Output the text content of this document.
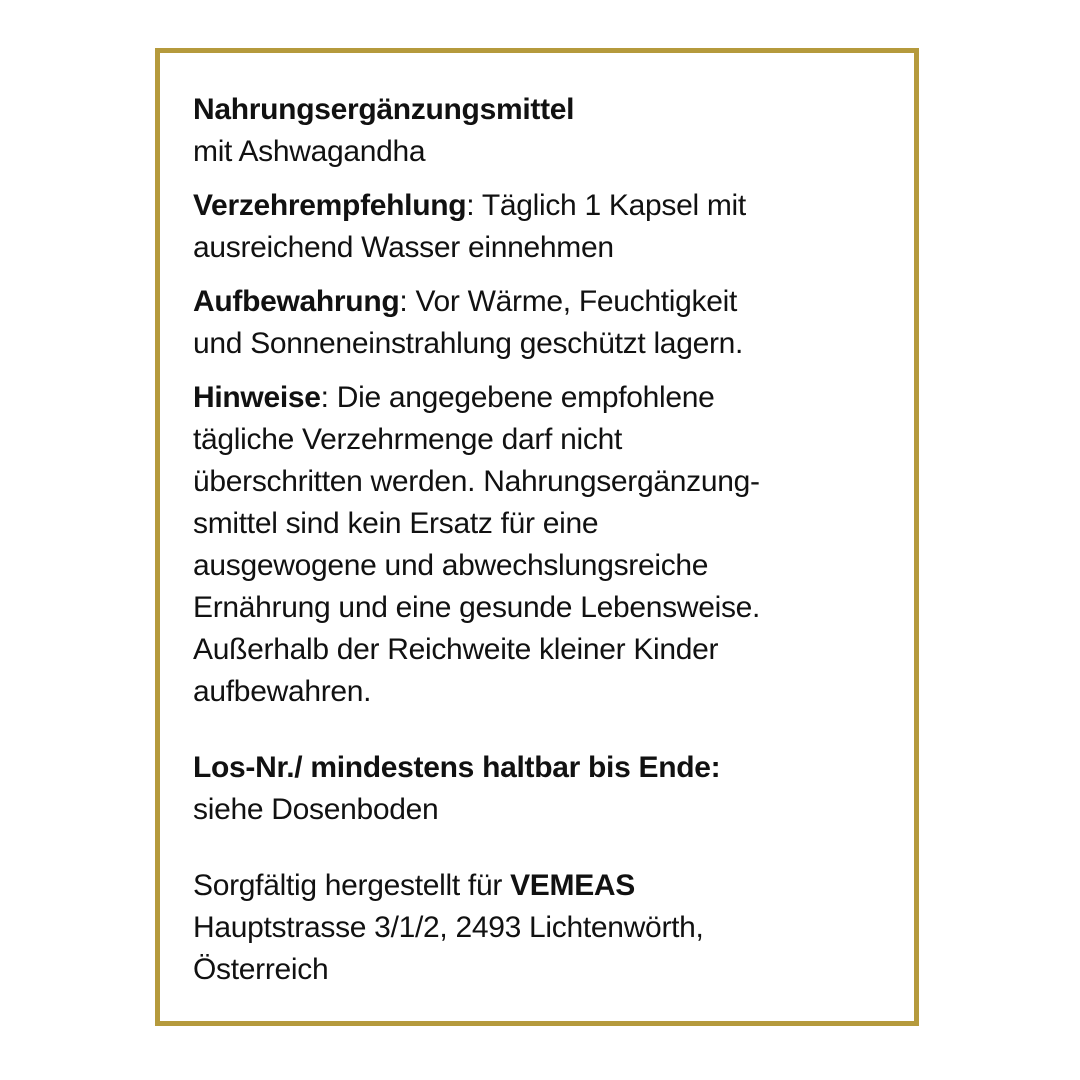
Nahrungsergänzungsmittel
mit Ashwagandha

Verzehrempfehlung: Täglich 1 Kapsel mit
ausreichend Wasser einnehmen

Aufbewahrung: Vor Wärme, Feuchtigkeit
und Sonneneinstrahlung geschützt lagern.

Hinweise: Die angegebene empfohlene
tägliche Verzehrmenge darf nicht
überschritten werden. Nahrungsergänzung-
smittel sind kein Ersatz für eine
ausgewogene und abwechslungsreiche
Ernährung und eine gesunde Lebensweise.
Außerhalb der Reichweite kleiner Kinder
aufbewahren.

Los-Nr./ mindestens haltbar bis Ende:
siehe Dosenboden

Sorgfältig hergestellt für VEMEAS
Hauptstrasse 3/1/2, 2493 Lichtenwörth,
Österreich
